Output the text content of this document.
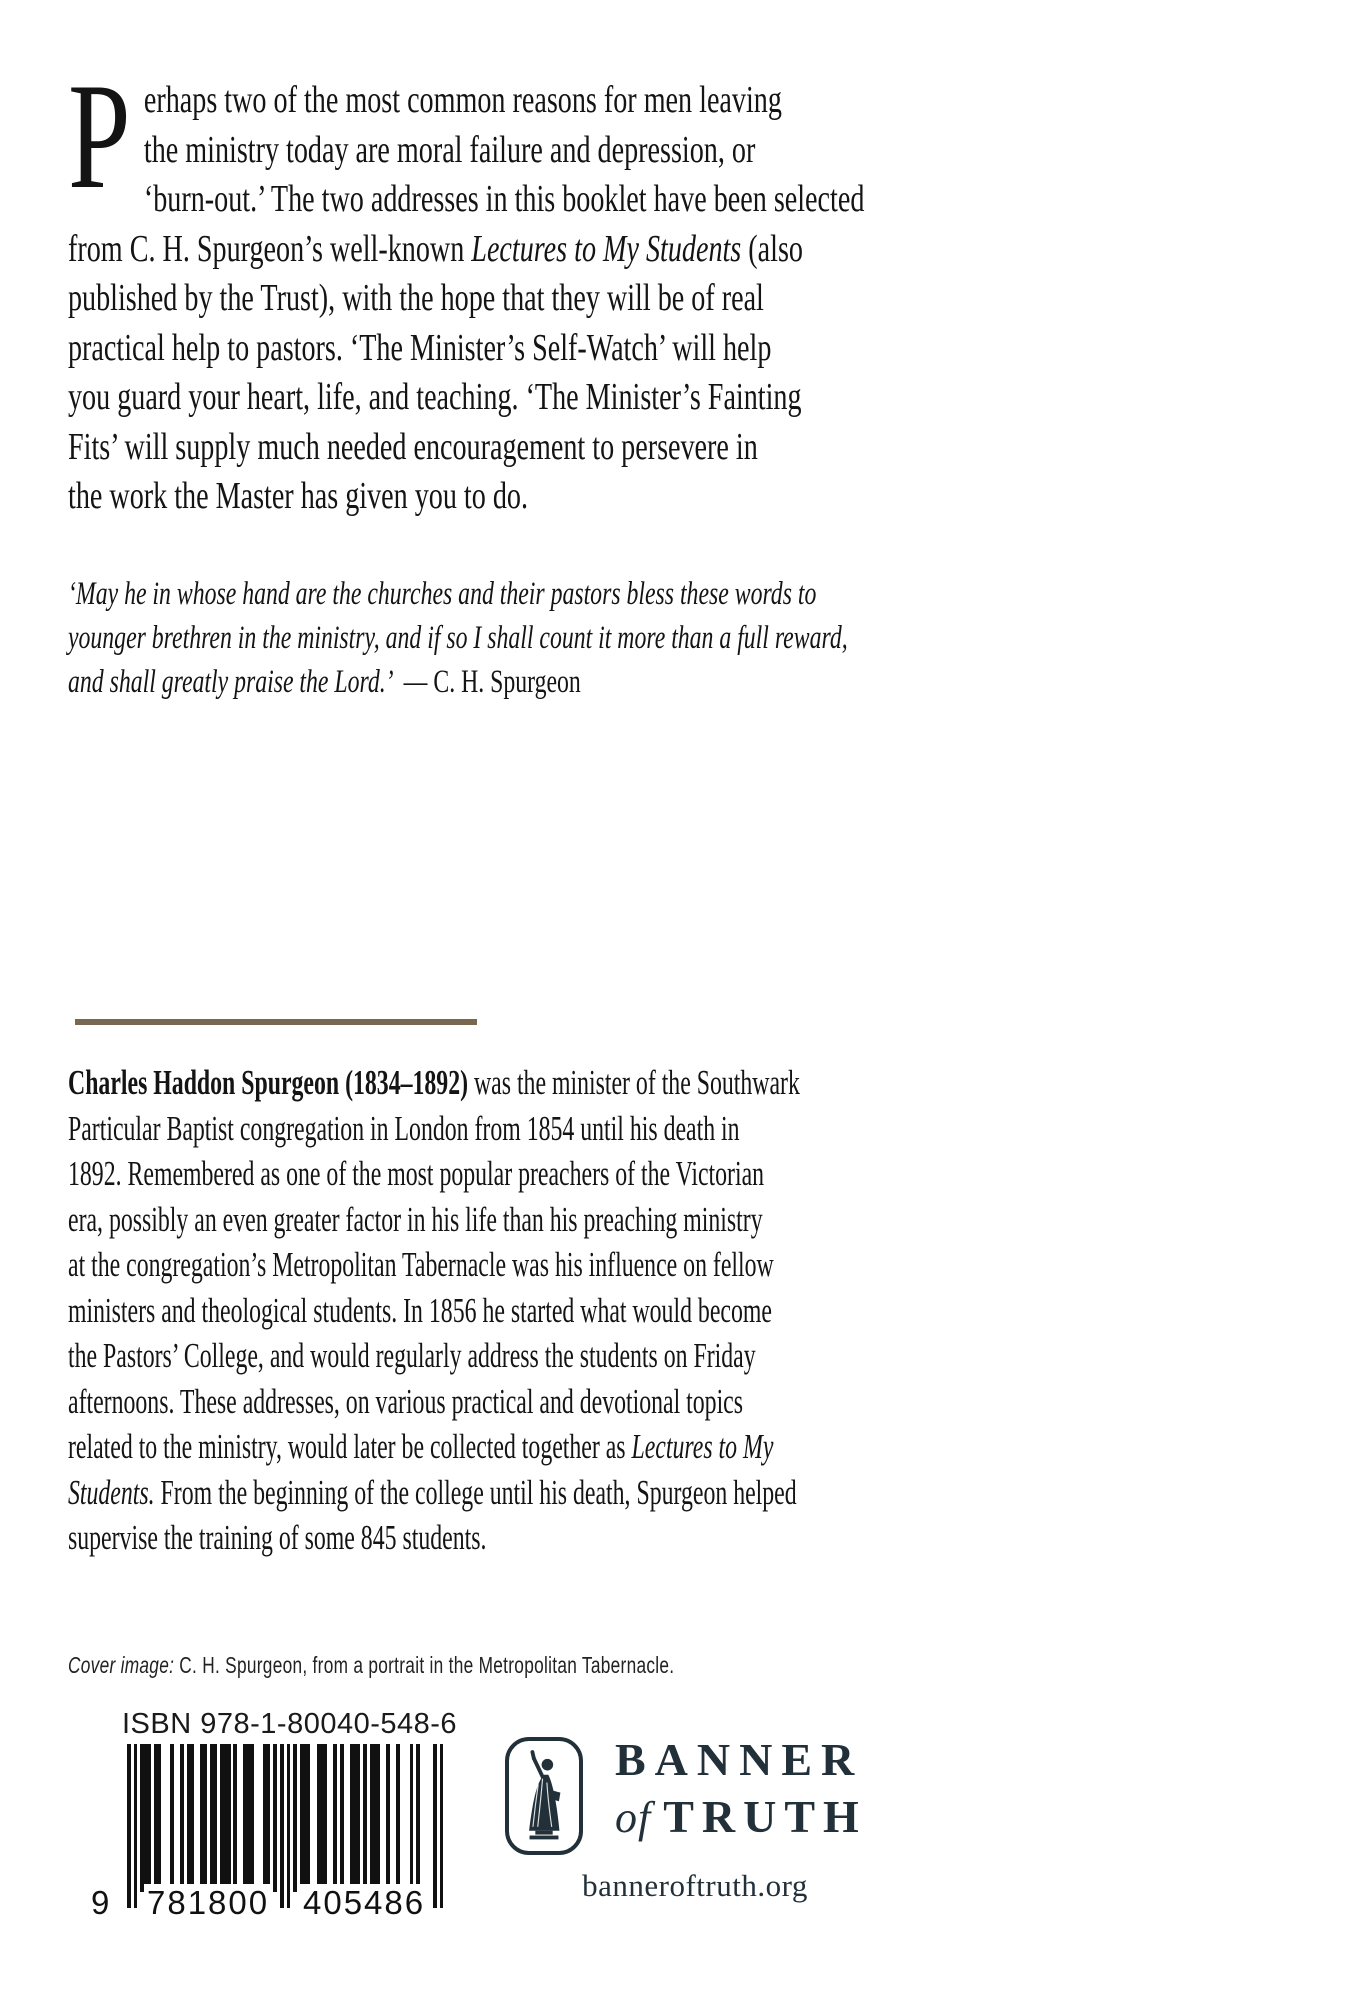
Perhaps two of the most common reasons for men leaving
the ministry today are moral failure and depression, or
‘burn-out.’ The two addresses in this booklet have been selected
from C. H. Spurgeon’s well-known Lectures to My Students (also
published by the Trust), with the hope that they will be of real
practical help to pastors. ‘The Minister’s Self-Watch’ will help
you guard your heart, life, and teaching. ‘The Minister’s Fainting
Fits’ will supply much needed encouragement to persevere in
the work the Master has given you to do.
‘May he in whose hand are the churches and their pastors bless these words to
younger brethren in the ministry, and if so I shall count it more than a full reward,
and shall greatly praise the Lord.’ — C. H. Spurgeon
Charles Haddon Spurgeon (1834–1892) was the minister of the Southwark
Particular Baptist congregation in London from 1854 until his death in
1892. Remembered as one of the most popular preachers of the Victorian
era, possibly an even greater factor in his life than his preaching ministry
at the congregation’s Metropolitan Tabernacle was his influence on fellow
ministers and theological students. In 1856 he started what would become
the Pastors’ College, and would regularly address the students on Friday
afternoons. These addresses, on various practical and devotional topics
related to the ministry, would later be collected together as Lectures to My
Students. From the beginning of the college until his death, Spurgeon helped
supervise the training of some 845 students.
Cover image: C. H. Spurgeon, from a portrait in the Metropolitan Tabernacle.
ISBN 978-1-80040-548-6
9 781800 405486
BANNER
of TRUTH
banneroftruth.org
